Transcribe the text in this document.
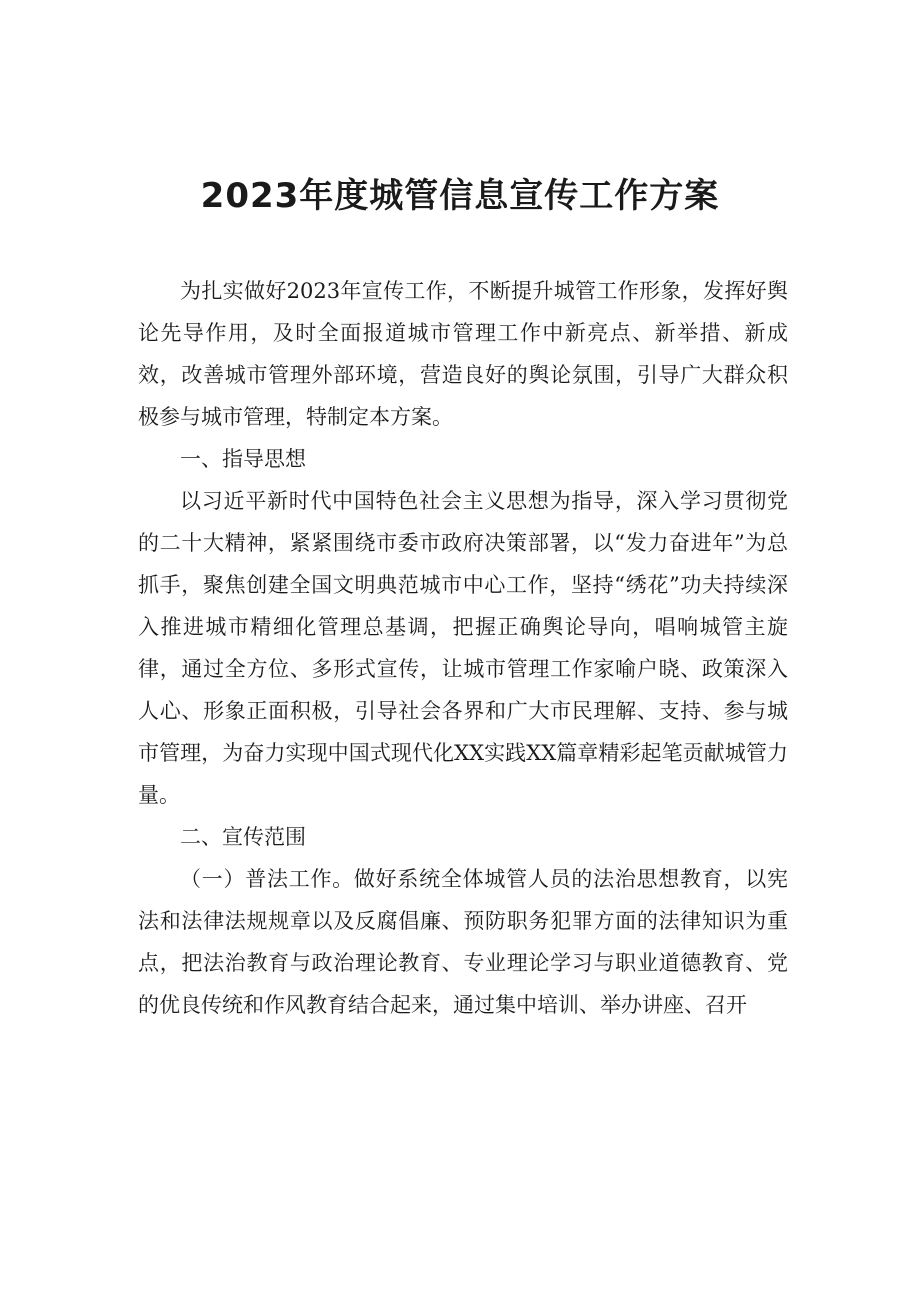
2023年度城管信息宣传工作方案

为扎实做好2023年宣传工作，不断提升城管工作形象，发挥好舆论先导作用，及时全面报道城市管理工作中新亮点、新举措、新成效，改善城市管理外部环境，营造良好的舆论氛围，引导广大群众积极参与城市管理，特制定本方案。

一、指导思想

以习近平新时代中国特色社会主义思想为指导，深入学习贯彻党的二十大精神，紧紧围绕市委市政府决策部署，以“发力奋进年”为总抓手，聚焦创建全国文明典范城市中心工作，坚持“绣花”功夫持续深入推进城市精细化管理总基调，把握正确舆论导向，唱响城管主旋律，通过全方位、多形式宣传，让城市管理工作家喻户晓、政策深入人心、形象正面积极，引导社会各界和广大市民理解、支持、参与城市管理，为奋力实现中国式现代化XX实践XX篇章精彩起笔贡献城管力量。

二、宣传范围

（一）普法工作。做好系统全体城管人员的法治思想教育，以宪法和法律法规规章以及反腐倡廉、预防职务犯罪方面的法律知识为重点，把法治教育与政治理论教育、专业理论学习与职业道德教育、党的优良传统和作风教育结合起来，通过集中培训、举办讲座、召开
